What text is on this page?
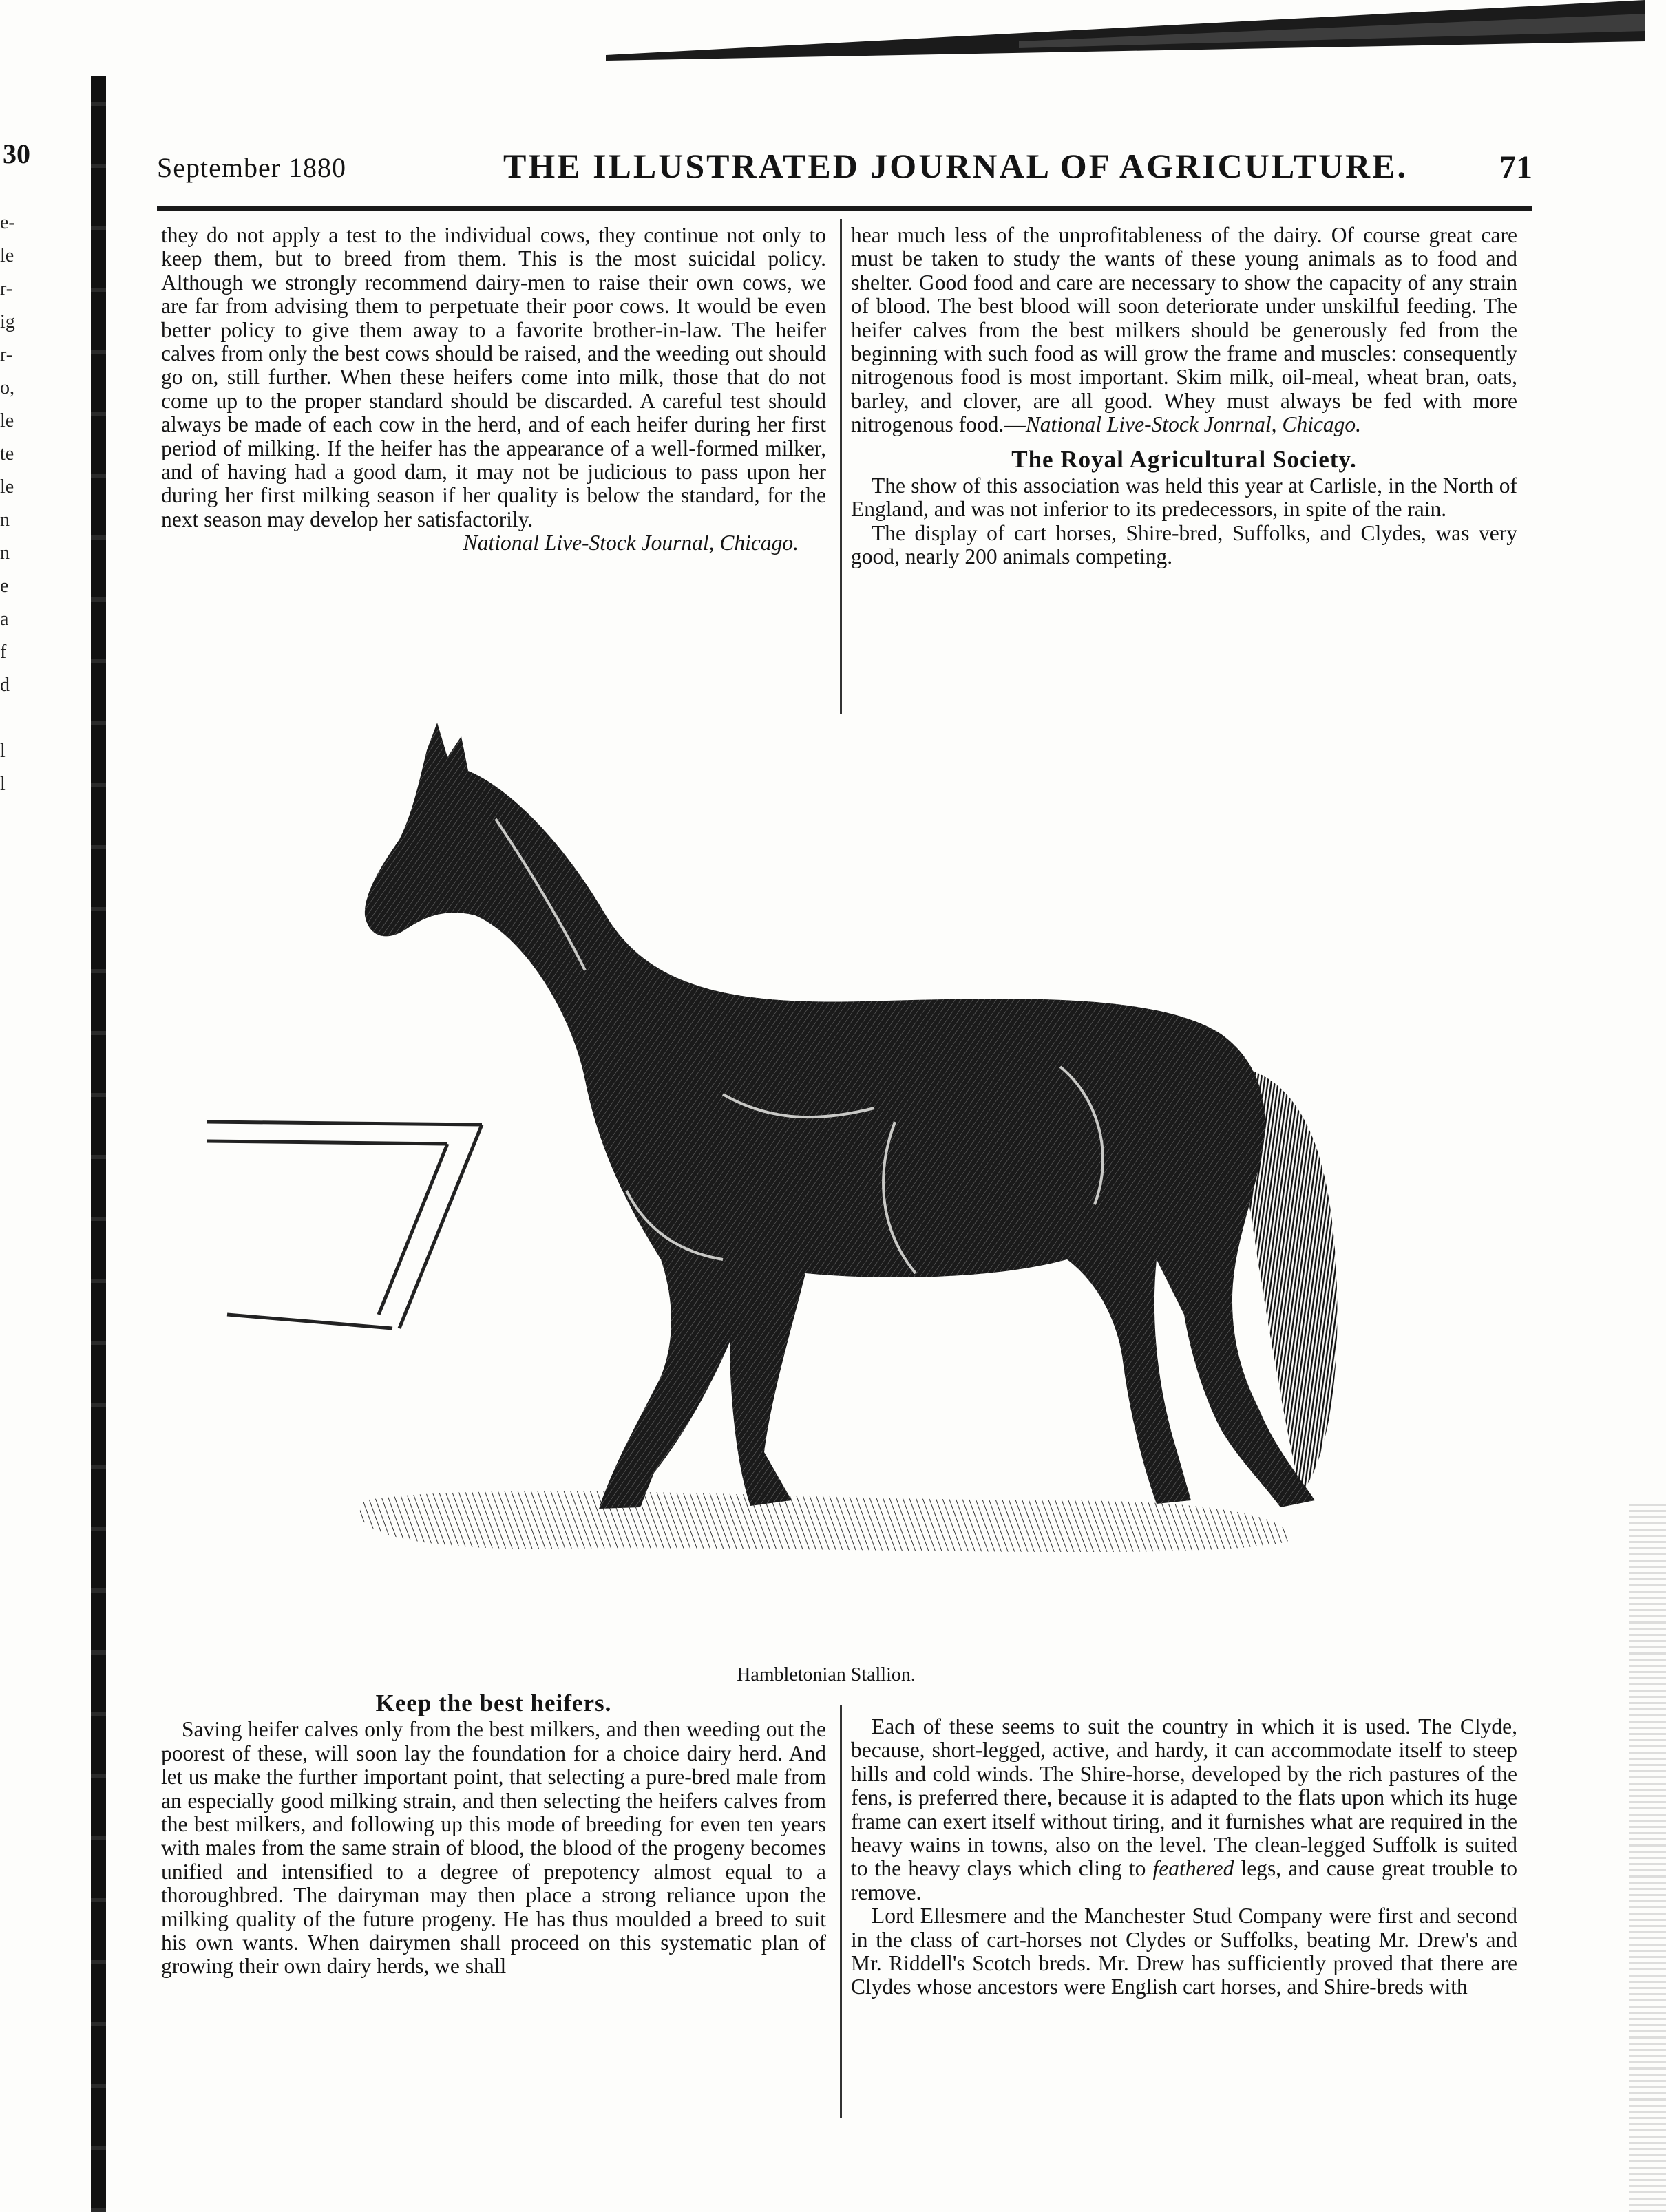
30
e-
le
r-
ig
r-
o,
le
te
le
n
n
e
a
f
d
l
l
September 1880	THE ILLUSTRATED JOURNAL OF AGRICULTURE.	71

they do not apply a test to the individual cows, they continue not only to keep them, but to breed from them. This is the most suicidal policy. Although we strongly recommend dairy-men to raise their own cows, we are far from advising them to perpetuate their poor cows. It would be even better policy to give them away to a favorite brother-in-law. The heifer calves from only the best cows should be raised, and the weeding out should go on, still further. When these heifers come into milk, those that do not come up to the proper standard should be discarded. A careful test should always be made of each cow in the herd, and of each heifer during her first period of milking. If the heifer has the appearance of a well-formed milker, and of having had a good dam, it may not be judicious to pass upon her during her first milking season if her quality is below the standard, for the next season may develop her satisfactorily.

National Live-Stock Journal, Chicago.

hear much less of the unprofitableness of the dairy. Of course great care must be taken to study the wants of these young animals as to food and shelter. Good food and care are necessary to show the capacity of any strain of blood. The best blood will soon deteriorate under unskilful feeding. The heifer calves from the best milkers should be generously fed from the beginning with such food as will grow the frame and muscles: consequently nitrogenous food is most important. Skim milk, oil-meal, wheat bran, oats, barley, and clover, are all good. Whey must always be fed with more nitrogenous food.—National Live-Stock Jonrnal, Chicago.

The Royal Agricultural Society.

The show of this association was held this year at Carlisle, in the North of England, and was not inferior to its predecessors, in spite of the rain.

The display of cart horses, Shire-bred, Suffolks, and Clydes, was very good, nearly 200 animals competing.

Hambletonian Stallion.
Keep the best heifers.

Saving heifer calves only from the best milkers, and then weeding out the poorest of these, will soon lay the foundation for a choice dairy herd. And let us make the further important point, that selecting a pure-bred male from an especially good milking strain, and then selecting the heifers calves from the best milkers, and following up this mode of breeding for even ten years with males from the same strain of blood, the blood of the progeny becomes unified and intensified to a degree of prepotency almost equal to a thoroughbred. The dairyman may then place a strong reliance upon the milking quality of the future progeny. He has thus moulded a breed to suit his own wants. When dairymen shall proceed on this systematic plan of growing their own dairy herds, we shall

Each of these seems to suit the country in which it is used. The Clyde, because, short-legged, active, and hardy, it can accommodate itself to steep hills and cold winds. The Shire-horse, developed by the rich pastures of the fens, is preferred there, because it is adapted to the flats upon which its huge frame can exert itself without tiring, and it furnishes what are required in the heavy wains in towns, also on the level. The clean-legged Suffolk is suited to the heavy clays which cling to feathered legs, and cause great trouble to remove.

Lord Ellesmere and the Manchester Stud Company were first and second in the class of cart-horses not Clydes or Suffolks, beating Mr. Drew's and Mr. Riddell's Scotch breds. Mr. Drew has sufficiently proved that there are Clydes whose ancestors were English cart horses, and Shire-breds with
